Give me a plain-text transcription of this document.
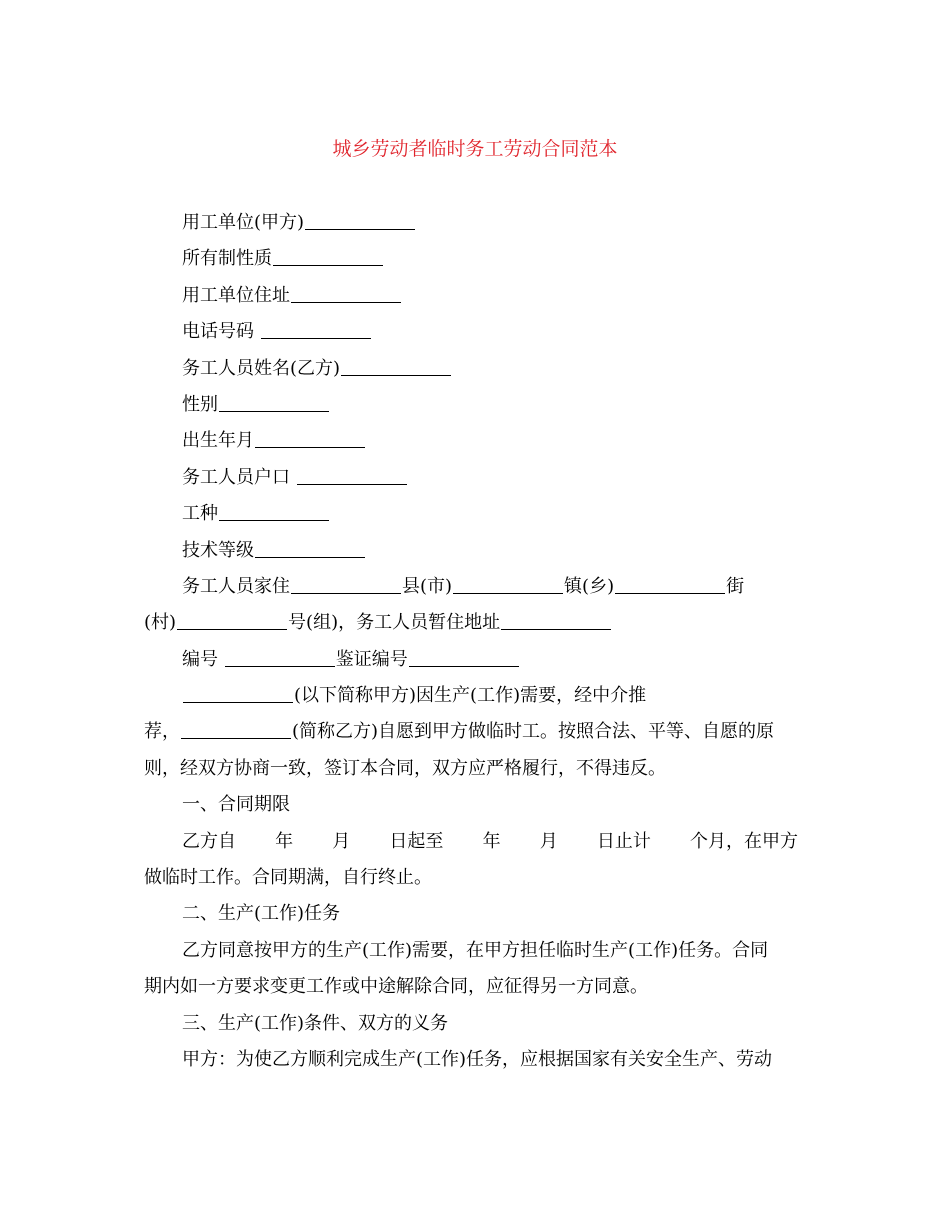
城乡劳动者临时务工劳动合同范本
用工单位(甲方)
所有制性质
用工单位住址
电话号码
务工人员姓名(乙方)
性别
出生年月
务工人员户口
工种
技术等级
务工人员家住	县(市)	镇(乡)	街
(村)	号(组)，务工人员暂住地址
编号	鉴证编号
(以下简称甲方)因生产(工作)需要，经中介推
荐，	(简称乙方)自愿到甲方做临时工。按照合法、平等、自愿的原
则，经双方协商一致，签订本合同，双方应严格履行，不得违反。
一、合同期限
乙方自 年 月 日起至 年 月 日止计 个月，在甲方
做临时工作。合同期满，自行终止。
二、生产(工作)任务
乙方同意按甲方的生产(工作)需要，在甲方担任临时生产(工作)任务。合同
期内如一方要求变更工作或中途解除合同，应征得另一方同意。
三、生产(工作)条件、双方的义务
甲方：为使乙方顺利完成生产(工作)任务，应根据国家有关安全生产、劳动
